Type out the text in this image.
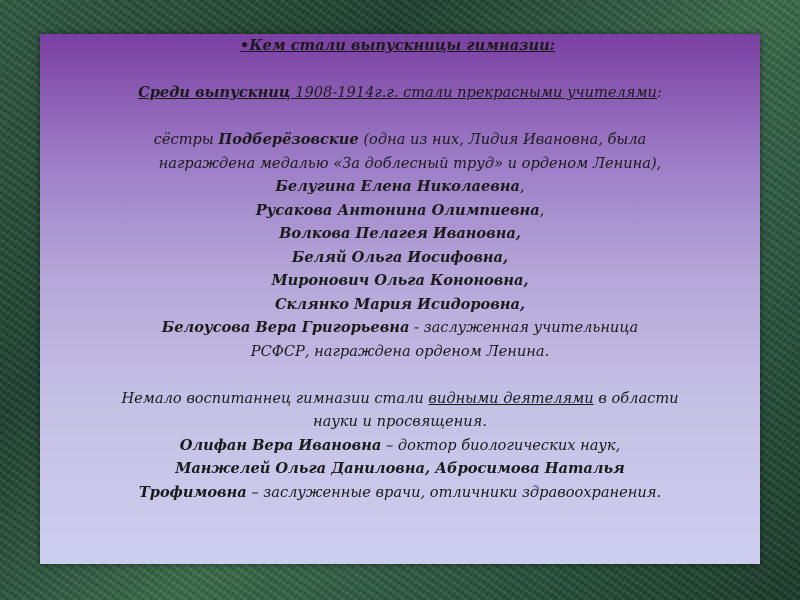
•Кем стали выпускницы гимназии:
Среди выпускниц 1908-1914г.г. стали прекрасными учителями:
сёстры Подберёзовские (одна из них, Лидия Ивановна, была
награждена медалью «За доблесный труд» и орденом Ленина),
Белугина Елена Николаевна,
Русакова Антонина Олимпиевна,
Волкова Пелагея Ивановна,
Беляй Ольга Иосифовна,
Миронович Ольга Кононовна,
Склянко Мария Исидоровна,
Белоусова Вера Григорьевна - заслуженная учительница
РСФСР, награждена орденом Ленина.
Немало воспитаннец гимназии стали видными деятелями в области
науки и просвящения.
Олифан Вера Ивановна – доктор биологических наук,
Манжелей Ольга Даниловна, Абросимова Наталья
Трофимовна – заслуженные врачи, отличники здравоохранения.
